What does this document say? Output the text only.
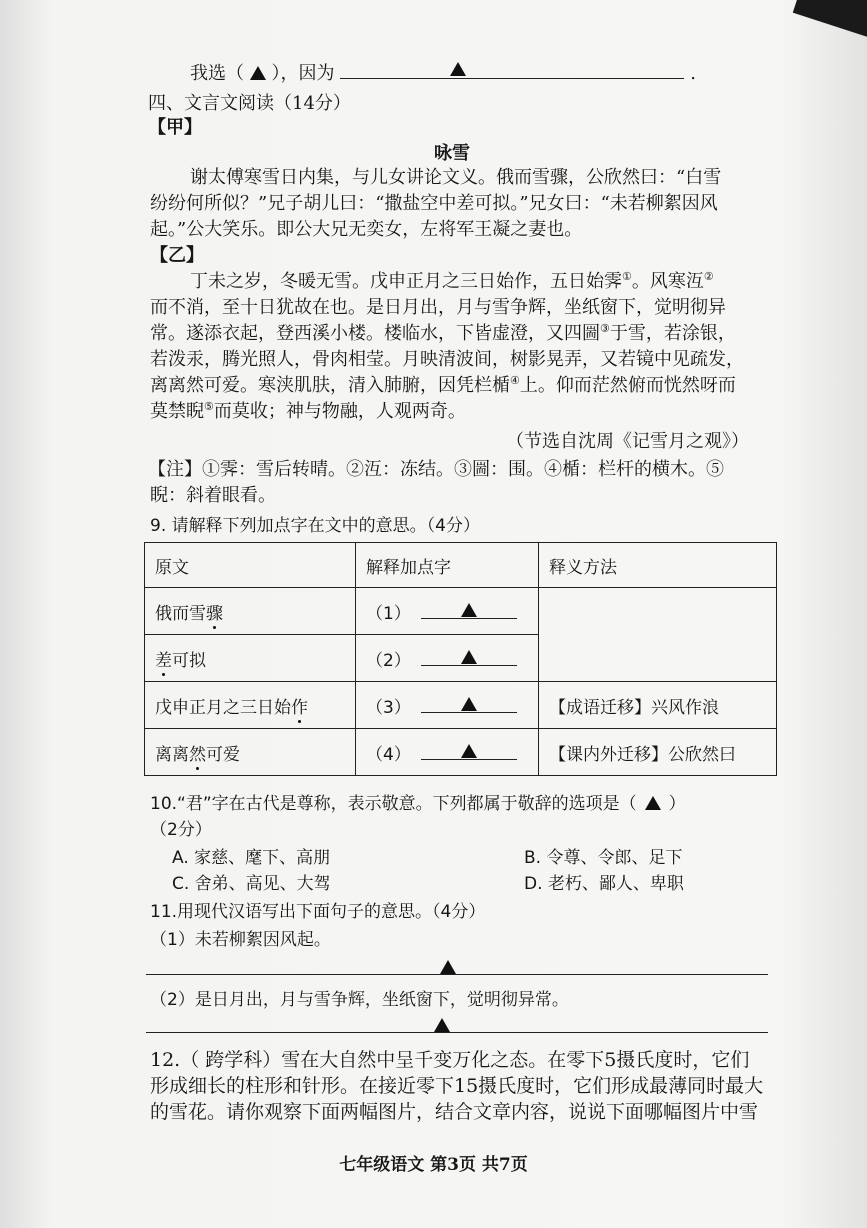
我选（  ），因为	.
四、文言文阅读（14分）
【甲】
咏雪
谢太傅寒雪日内集，与儿女讲论文义。俄而雪骤，公欣然曰：“白雪
纷纷何所似？”兄子胡儿曰：“撒盐空中差可拟。”兄女曰：“未若柳絮因风
起。”公大笑乐。即公大兄无奕女，左将军王凝之妻也。
【乙】
丁未之岁，冬暖无雪。戊申正月之三日始作，五日始霁①。风寒沍②
而不消，至十日犹故在也。是日月出，月与雪争辉，坐纸窗下，觉明彻异
常。遂添衣起，登西溪小楼。楼临水，下皆虚澄，又四圌③于雪，若涂银，
若泼汞，腾光照人，骨肉相莹。月映清波间，树影晃弄，又若镜中见疏发，
离离然可爱。寒浃肌肤，清入肺腑，因凭栏楯④上。仰而茫然俯而恍然呀而
莫禁睨⑤而莫收；神与物融，人观两奇。
（节选自沈周《记雪月之观》）
【注】①霁：雪后转晴。②沍：冻结。③圌：围。④楯：栏杆的横木。⑤
睨：斜着眼看。
9. 请解释下列加点字在文中的意思。（4分）
原文	解释加点字	释义方法
俄而雪骤	（1）

差可拟	（2）	

戊申正月之三日始作	（3）	【成语迁移】兴风作浪
离离然可爱	（4）	【课内外迁移】公欣然曰
10.“君”字在古代是尊称，表示敬意。下列都属于敬辞的选项是（ ）
（2分）
A. 家慈、麾下、高朋	B. 令尊、令郎、足下
C. 舍弟、高见、大驾	D. 老朽、鄙人、卑职
11.用现代汉语写出下面句子的意思。（4分）
（1）未若柳絮因风起。
（2）是日月出，月与雪争辉，坐纸窗下，觉明彻异常。
12.（ 跨学科）雪在大自然中呈千变万化之态。在零下5摄氏度时，它们
形成细长的柱形和针形。在接近零下15摄氏度时，它们形成最薄同时最大
的雪花。请你观察下面两幅图片，结合文章内容，说说下面哪幅图片中雪
七年级语文 第3页 共7页
